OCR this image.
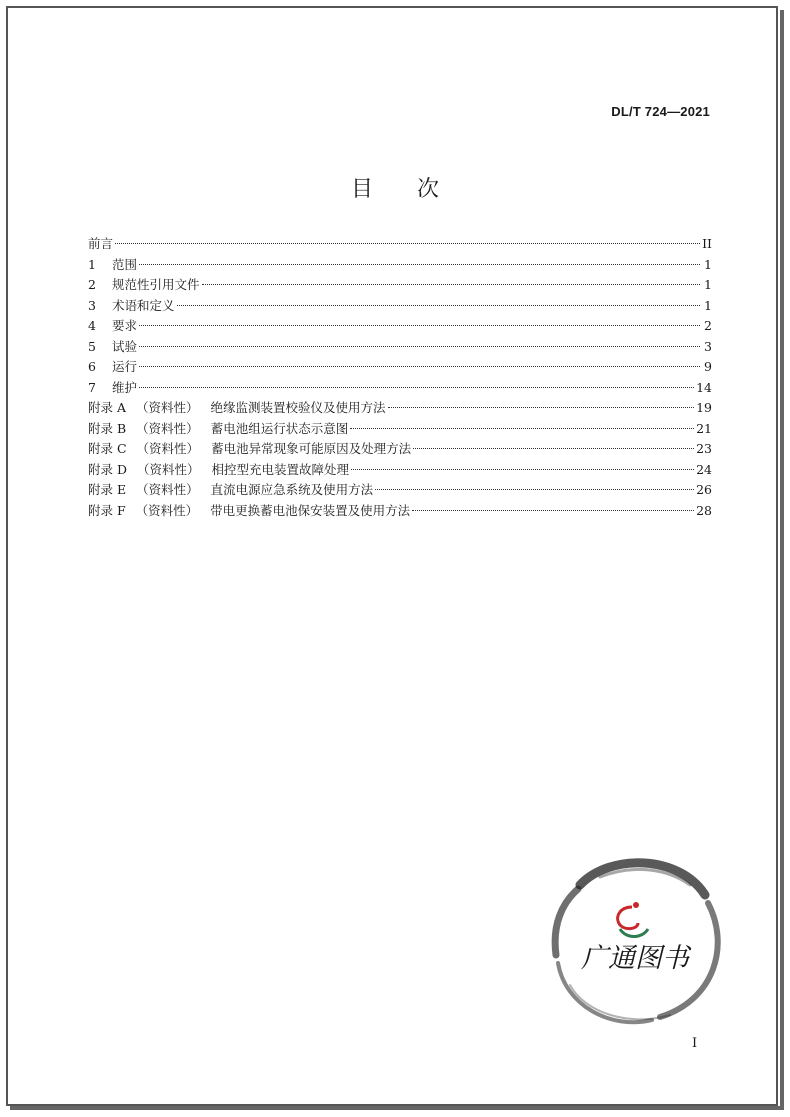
DL/T 724—2021
目 次
前言	II
1	范围	1
2	规范性引用文件	1
3	术语和定义	1
4	要求	2
5	试验	3
6	运行	9
7	维护	14
附录 A （资料性） 绝缘监测装置校验仪及使用方法	19
附录 B （资料性） 蓄电池组运行状态示意图	21
附录 C （资料性） 蓄电池异常现象可能原因及处理方法	23
附录 D （资料性） 相控型充电装置故障处理	24
附录 E （资料性） 直流电源应急系统及使用方法	26
附录 F （资料性） 带电更换蓄电池保安装置及使用方法	28
广通图书
I
